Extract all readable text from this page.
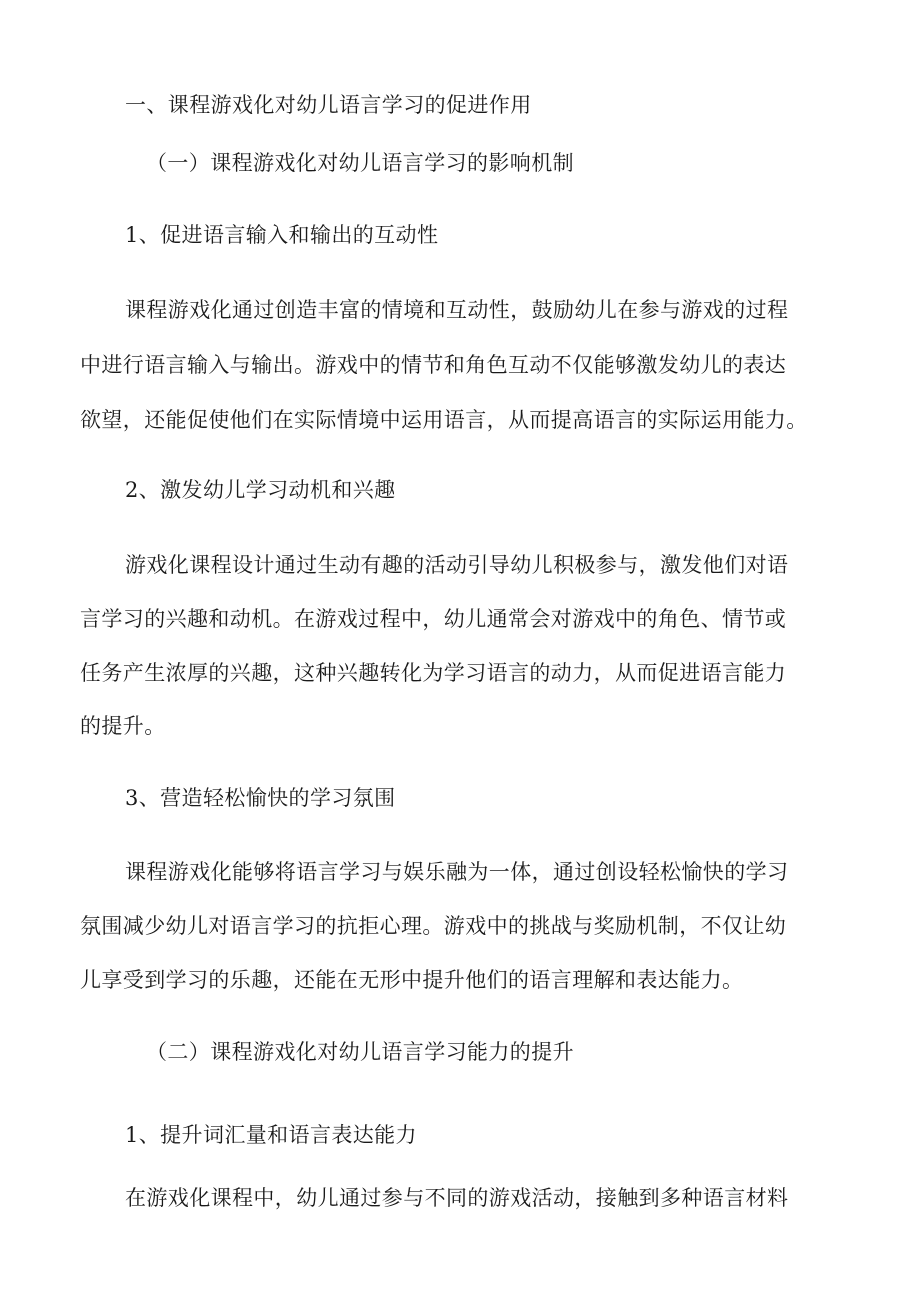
一、课程游戏化对幼儿语言学习的促进作用
（一）课程游戏化对幼儿语言学习的影响机制
1、促进语言输入和输出的互动性
课程游戏化通过创造丰富的情境和互动性，鼓励幼儿在参与游戏的过程
中进行语言输入与输出。游戏中的情节和角色互动不仅能够激发幼儿的表达
欲望，还能促使他们在实际情境中运用语言，从而提高语言的实际运用能力。
2、激发幼儿学习动机和兴趣
游戏化课程设计通过生动有趣的活动引导幼儿积极参与，激发他们对语
言学习的兴趣和动机。在游戏过程中，幼儿通常会对游戏中的角色、情节或
任务产生浓厚的兴趣，这种兴趣转化为学习语言的动力，从而促进语言能力
的提升。
3、营造轻松愉快的学习氛围
课程游戏化能够将语言学习与娱乐融为一体，通过创设轻松愉快的学习
氛围减少幼儿对语言学习的抗拒心理。游戏中的挑战与奖励机制，不仅让幼
儿享受到学习的乐趣，还能在无形中提升他们的语言理解和表达能力。
（二）课程游戏化对幼儿语言学习能力的提升
1、提升词汇量和语言表达能力
在游戏化课程中，幼儿通过参与不同的游戏活动，接触到多种语言材料
